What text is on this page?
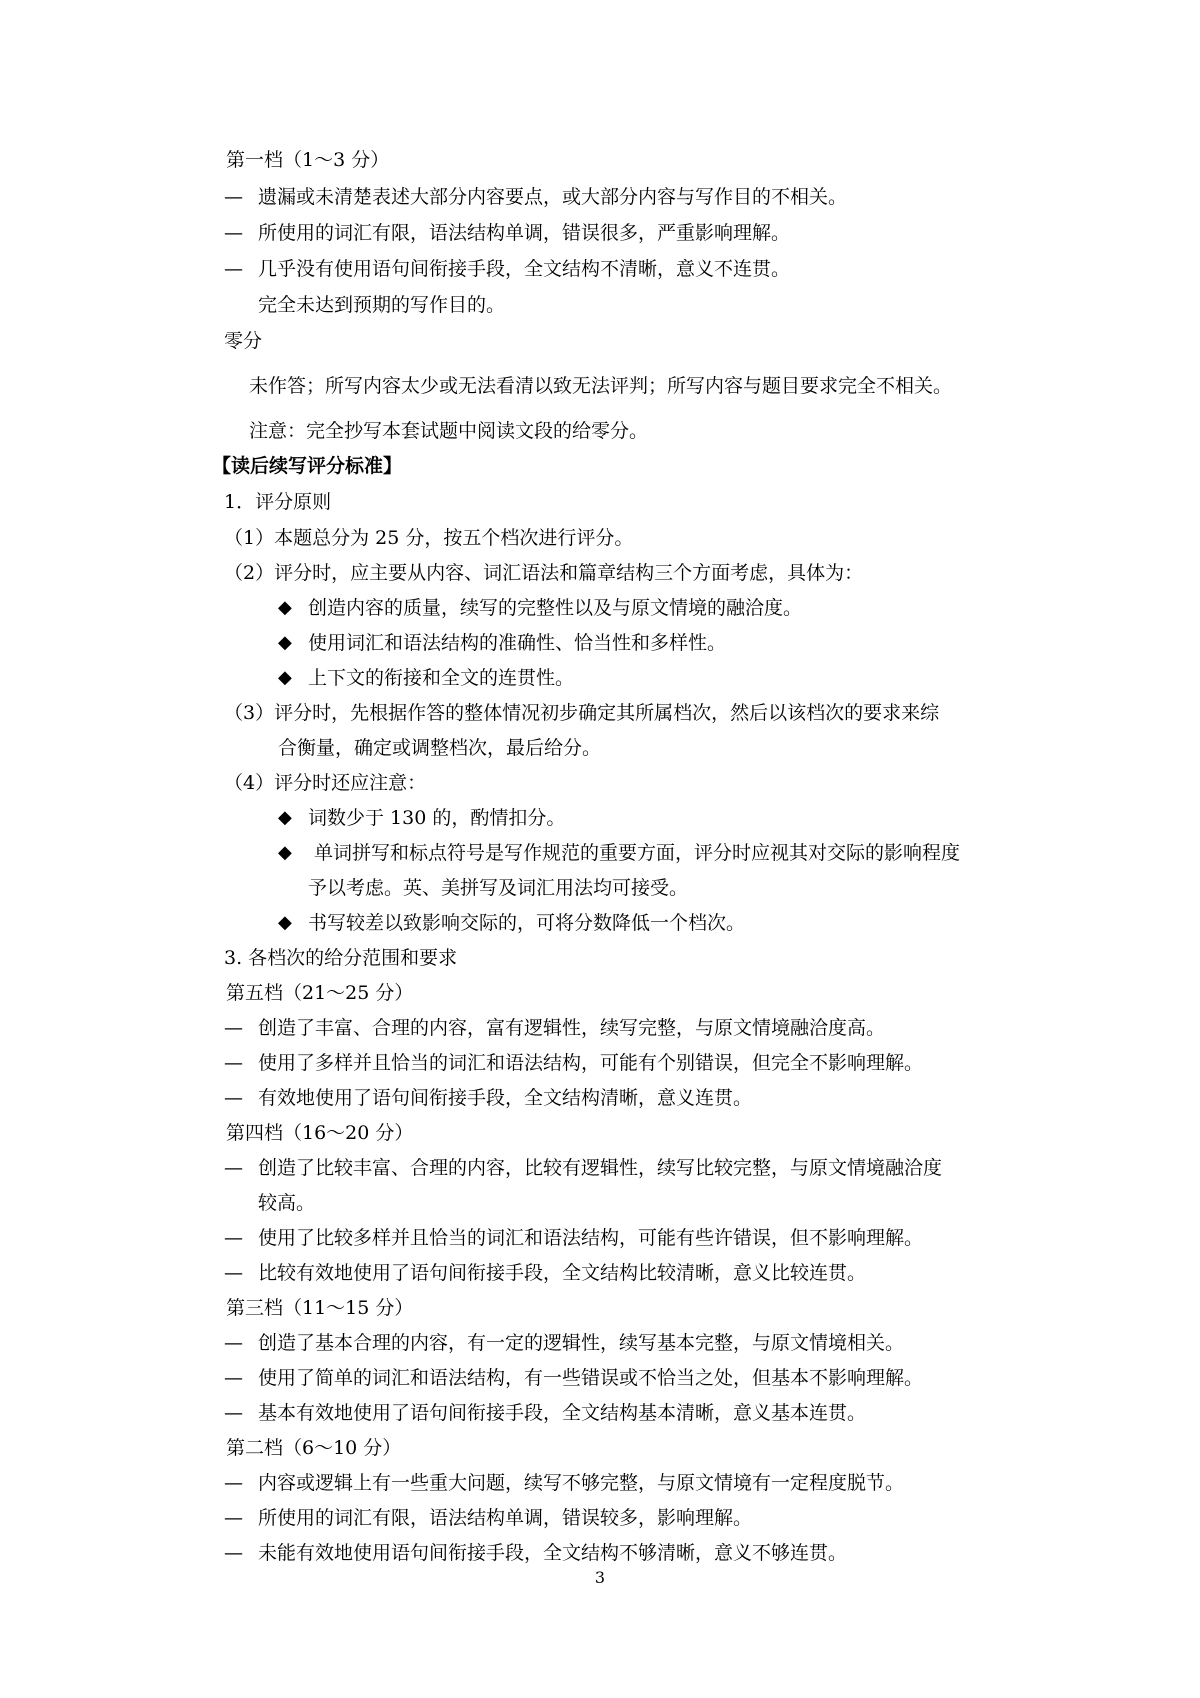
第一档（1～3 分）
— 遗漏或未清楚表述大部分内容要点，或大部分内容与写作目的不相关。
— 所使用的词汇有限，语法结构单调，错误很多，严重影响理解。
— 几乎没有使用语句间衔接手段，全文结构不清晰，意义不连贯。
完全未达到预期的写作目的。
零分
未作答；所写内容太少或无法看清以致无法评判；所写内容与题目要求完全不相关。
注意：完全抄写本套试题中阅读文段的给零分。
【读后续写评分标准】
1．评分原则
（1）本题总分为 25 分，按五个档次进行评分。
（2）评分时，应主要从内容、词汇语法和篇章结构三个方面考虑，具体为：
◆ 创造内容的质量，续写的完整性以及与原文情境的融洽度。
◆ 使用词汇和语法结构的准确性、恰当性和多样性。
◆ 上下文的衔接和全文的连贯性。
（3）评分时，先根据作答的整体情况初步确定其所属档次，然后以该档次的要求来综
合衡量，确定或调整档次，最后给分。
（4）评分时还应注意：
◆ 词数少于 130 的，酌情扣分。
◆ 单词拼写和标点符号是写作规范的重要方面，评分时应视其对交际的影响程度
予以考虑。英、美拼写及词汇用法均可接受。
◆ 书写较差以致影响交际的，可将分数降低一个档次。
3. 各档次的给分范围和要求
第五档（21～25 分）
— 创造了丰富、合理的内容，富有逻辑性，续写完整，与原文情境融洽度高。
— 使用了多样并且恰当的词汇和语法结构，可能有个别错误，但完全不影响理解。
— 有效地使用了语句间衔接手段，全文结构清晰，意义连贯。
第四档（16～20 分）
— 创造了比较丰富、合理的内容，比较有逻辑性，续写比较完整，与原文情境融洽度
较高。
— 使用了比较多样并且恰当的词汇和语法结构，可能有些许错误，但不影响理解。
— 比较有效地使用了语句间衔接手段，全文结构比较清晰，意义比较连贯。
第三档（11～15 分）
— 创造了基本合理的内容，有一定的逻辑性，续写基本完整，与原文情境相关。
— 使用了简单的词汇和语法结构，有一些错误或不恰当之处，但基本不影响理解。
— 基本有效地使用了语句间衔接手段，全文结构基本清晰，意义基本连贯。
第二档（6～10 分）
— 内容或逻辑上有一些重大问题，续写不够完整，与原文情境有一定程度脱节。
— 所使用的词汇有限，语法结构单调，错误较多，影响理解。
— 未能有效地使用语句间衔接手段，全文结构不够清晰，意义不够连贯。
3
